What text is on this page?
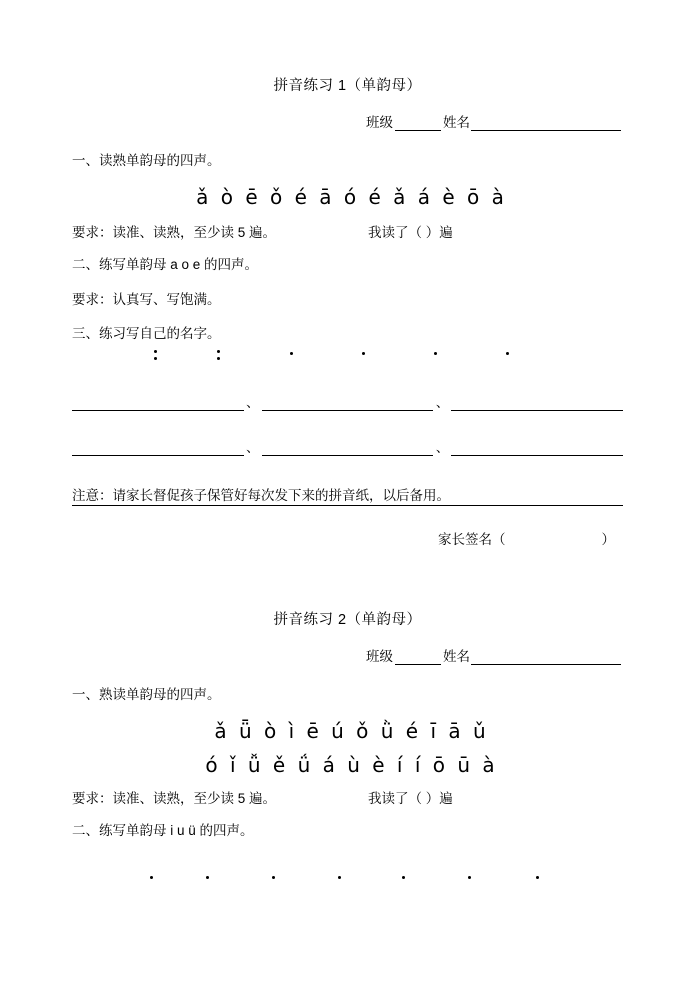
拼音练习 1（单韵母）
班级	姓名
一、读熟单韵母的四声。
ǎ ò ē ǒ é ā ó é ǎ á è ō à
要求：读准、读熟，至少读 5 遍。	我读了（ ）遍
二、练写单韵母 a o e 的四声。
要求：认真写、写饱满。
三、练习写自己的名字。
、	、
、	、
注意：请家长督促孩子保管好每次发下来的拼音纸，以后备用。
家长签名（	）
拼音练习 2（单韵母）
班级	姓名
一、熟读单韵母的四声。
ǎ ǖ ò ì ē ú ǒ ǜ é ī ā ǔ
ó ǐ ǚ ě ǘ á ù è í í ō ū à
要求：读准、读熟，至少读 5 遍。	我读了（ ）遍
二、练写单韵母 i u ü 的四声。
